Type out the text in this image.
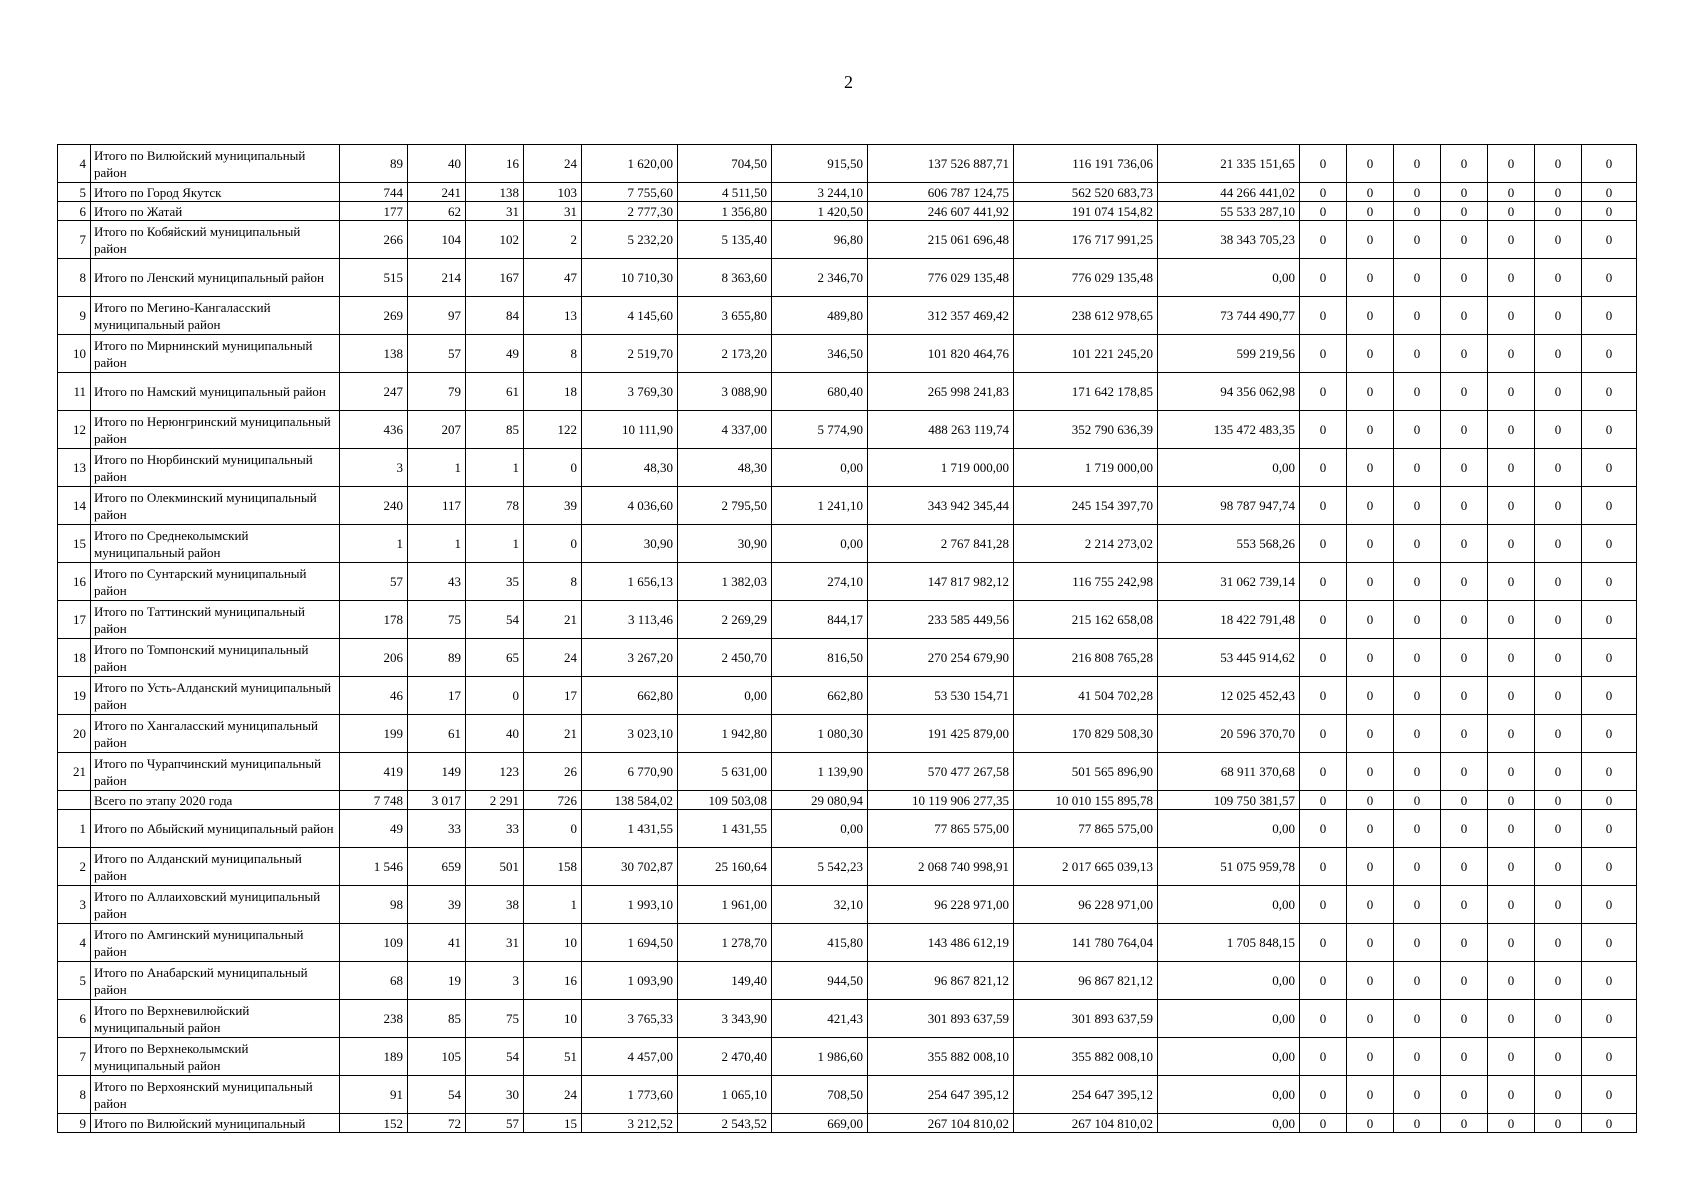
2
4	Итого по Вилюйский муниципальный район	89	40	16	24	1 620,00	704,50	915,50	137 526 887,71	116 191 736,06	21 335 151,65	0	0	0	0	0	0	0
5	Итого по Город Якутск	744	241	138	103	7 755,60	4 511,50	3 244,10	606 787 124,75	562 520 683,73	44 266 441,02	0	0	0	0	0	0	0
6	Итого по Жатай	177	62	31	31	2 777,30	1 356,80	1 420,50	246 607 441,92	191 074 154,82	55 533 287,10	0	0	0	0	0	0	0
7	Итого по Кобяйский муниципальный район	266	104	102	2	5 232,20	5 135,40	96,80	215 061 696,48	176 717 991,25	38 343 705,23	0	0	0	0	0	0	0
8	Итого по Ленский муниципальный район	515	214	167	47	10 710,30	8 363,60	2 346,70	776 029 135,48	776 029 135,48	0,00	0	0	0	0	0	0	0
9	Итого по Мегино-Кангаласский муниципальный район	269	97	84	13	4 145,60	3 655,80	489,80	312 357 469,42	238 612 978,65	73 744 490,77	0	0	0	0	0	0	0
10	Итого по Мирнинский муниципальный район	138	57	49	8	2 519,70	2 173,20	346,50	101 820 464,76	101 221 245,20	599 219,56	0	0	0	0	0	0	0
11	Итого по Намский муниципальный район	247	79	61	18	3 769,30	3 088,90	680,40	265 998 241,83	171 642 178,85	94 356 062,98	0	0	0	0	0	0	0
12	Итого по Нерюнгринский муниципальный район	436	207	85	122	10 111,90	4 337,00	5 774,90	488 263 119,74	352 790 636,39	135 472 483,35	0	0	0	0	0	0	0
13	Итого по Нюрбинский муниципальный район	3	1	1	0	48,30	48,30	0,00	1 719 000,00	1 719 000,00	0,00	0	0	0	0	0	0	0
14	Итого по Олекминский муниципальный район	240	117	78	39	4 036,60	2 795,50	1 241,10	343 942 345,44	245 154 397,70	98 787 947,74	0	0	0	0	0	0	0
15	Итого по Среднеколымский муниципальный район	1	1	1	0	30,90	30,90	0,00	2 767 841,28	2 214 273,02	553 568,26	0	0	0	0	0	0	0
16	Итого по Сунтарский муниципальный район	57	43	35	8	1 656,13	1 382,03	274,10	147 817 982,12	116 755 242,98	31 062 739,14	0	0	0	0	0	0	0
17	Итого по Таттинский муниципальный район	178	75	54	21	3 113,46	2 269,29	844,17	233 585 449,56	215 162 658,08	18 422 791,48	0	0	0	0	0	0	0
18	Итого по Томпонский муниципальный район	206	89	65	24	3 267,20	2 450,70	816,50	270 254 679,90	216 808 765,28	53 445 914,62	0	0	0	0	0	0	0
19	Итого по Усть-Алданский муниципальный район	46	17	0	17	662,80	0,00	662,80	53 530 154,71	41 504 702,28	12 025 452,43	0	0	0	0	0	0	0
20	Итого по Хангаласский муниципальный район	199	61	40	21	3 023,10	1 942,80	1 080,30	191 425 879,00	170 829 508,30	20 596 370,70	0	0	0	0	0	0	0
21	Итого по Чурапчинский муниципальный район	419	149	123	26	6 770,90	5 631,00	1 139,90	570 477 267,58	501 565 896,90	68 911 370,68	0	0	0	0	0	0	0
	Всего по этапу 2020 года	7 748	3 017	2 291	726	138 584,02	109 503,08	29 080,94	10 119 906 277,35	10 010 155 895,78	109 750 381,57	0	0	0	0	0	0	0
1	Итого по Абыйский муниципальный район	49	33	33	0	1 431,55	1 431,55	0,00	77 865 575,00	77 865 575,00	0,00	0	0	0	0	0	0	0
2	Итого по Алданский муниципальный район	1 546	659	501	158	30 702,87	25 160,64	5 542,23	2 068 740 998,91	2 017 665 039,13	51 075 959,78	0	0	0	0	0	0	0
3	Итого по Аллаиховский муниципальный район	98	39	38	1	1 993,10	1 961,00	32,10	96 228 971,00	96 228 971,00	0,00	0	0	0	0	0	0	0
4	Итого по Амгинский муниципальный район	109	41	31	10	1 694,50	1 278,70	415,80	143 486 612,19	141 780 764,04	1 705 848,15	0	0	0	0	0	0	0
5	Итого по Анабарский муниципальный район	68	19	3	16	1 093,90	149,40	944,50	96 867 821,12	96 867 821,12	0,00	0	0	0	0	0	0	0
6	Итого по Верхневилюйский муниципальный район	238	85	75	10	3 765,33	3 343,90	421,43	301 893 637,59	301 893 637,59	0,00	0	0	0	0	0	0	0
7	Итого по Верхнеколымский муниципальный район	189	105	54	51	4 457,00	2 470,40	1 986,60	355 882 008,10	355 882 008,10	0,00	0	0	0	0	0	0	0
8	Итого по Верхоянский муниципальный район	91	54	30	24	1 773,60	1 065,10	708,50	254 647 395,12	254 647 395,12	0,00	0	0	0	0	0	0	0
9	Итого по Вилюйский муниципальный	152	72	57	15	3 212,52	2 543,52	669,00	267 104 810,02	267 104 810,02	0,00	0	0	0	0	0	0	0
